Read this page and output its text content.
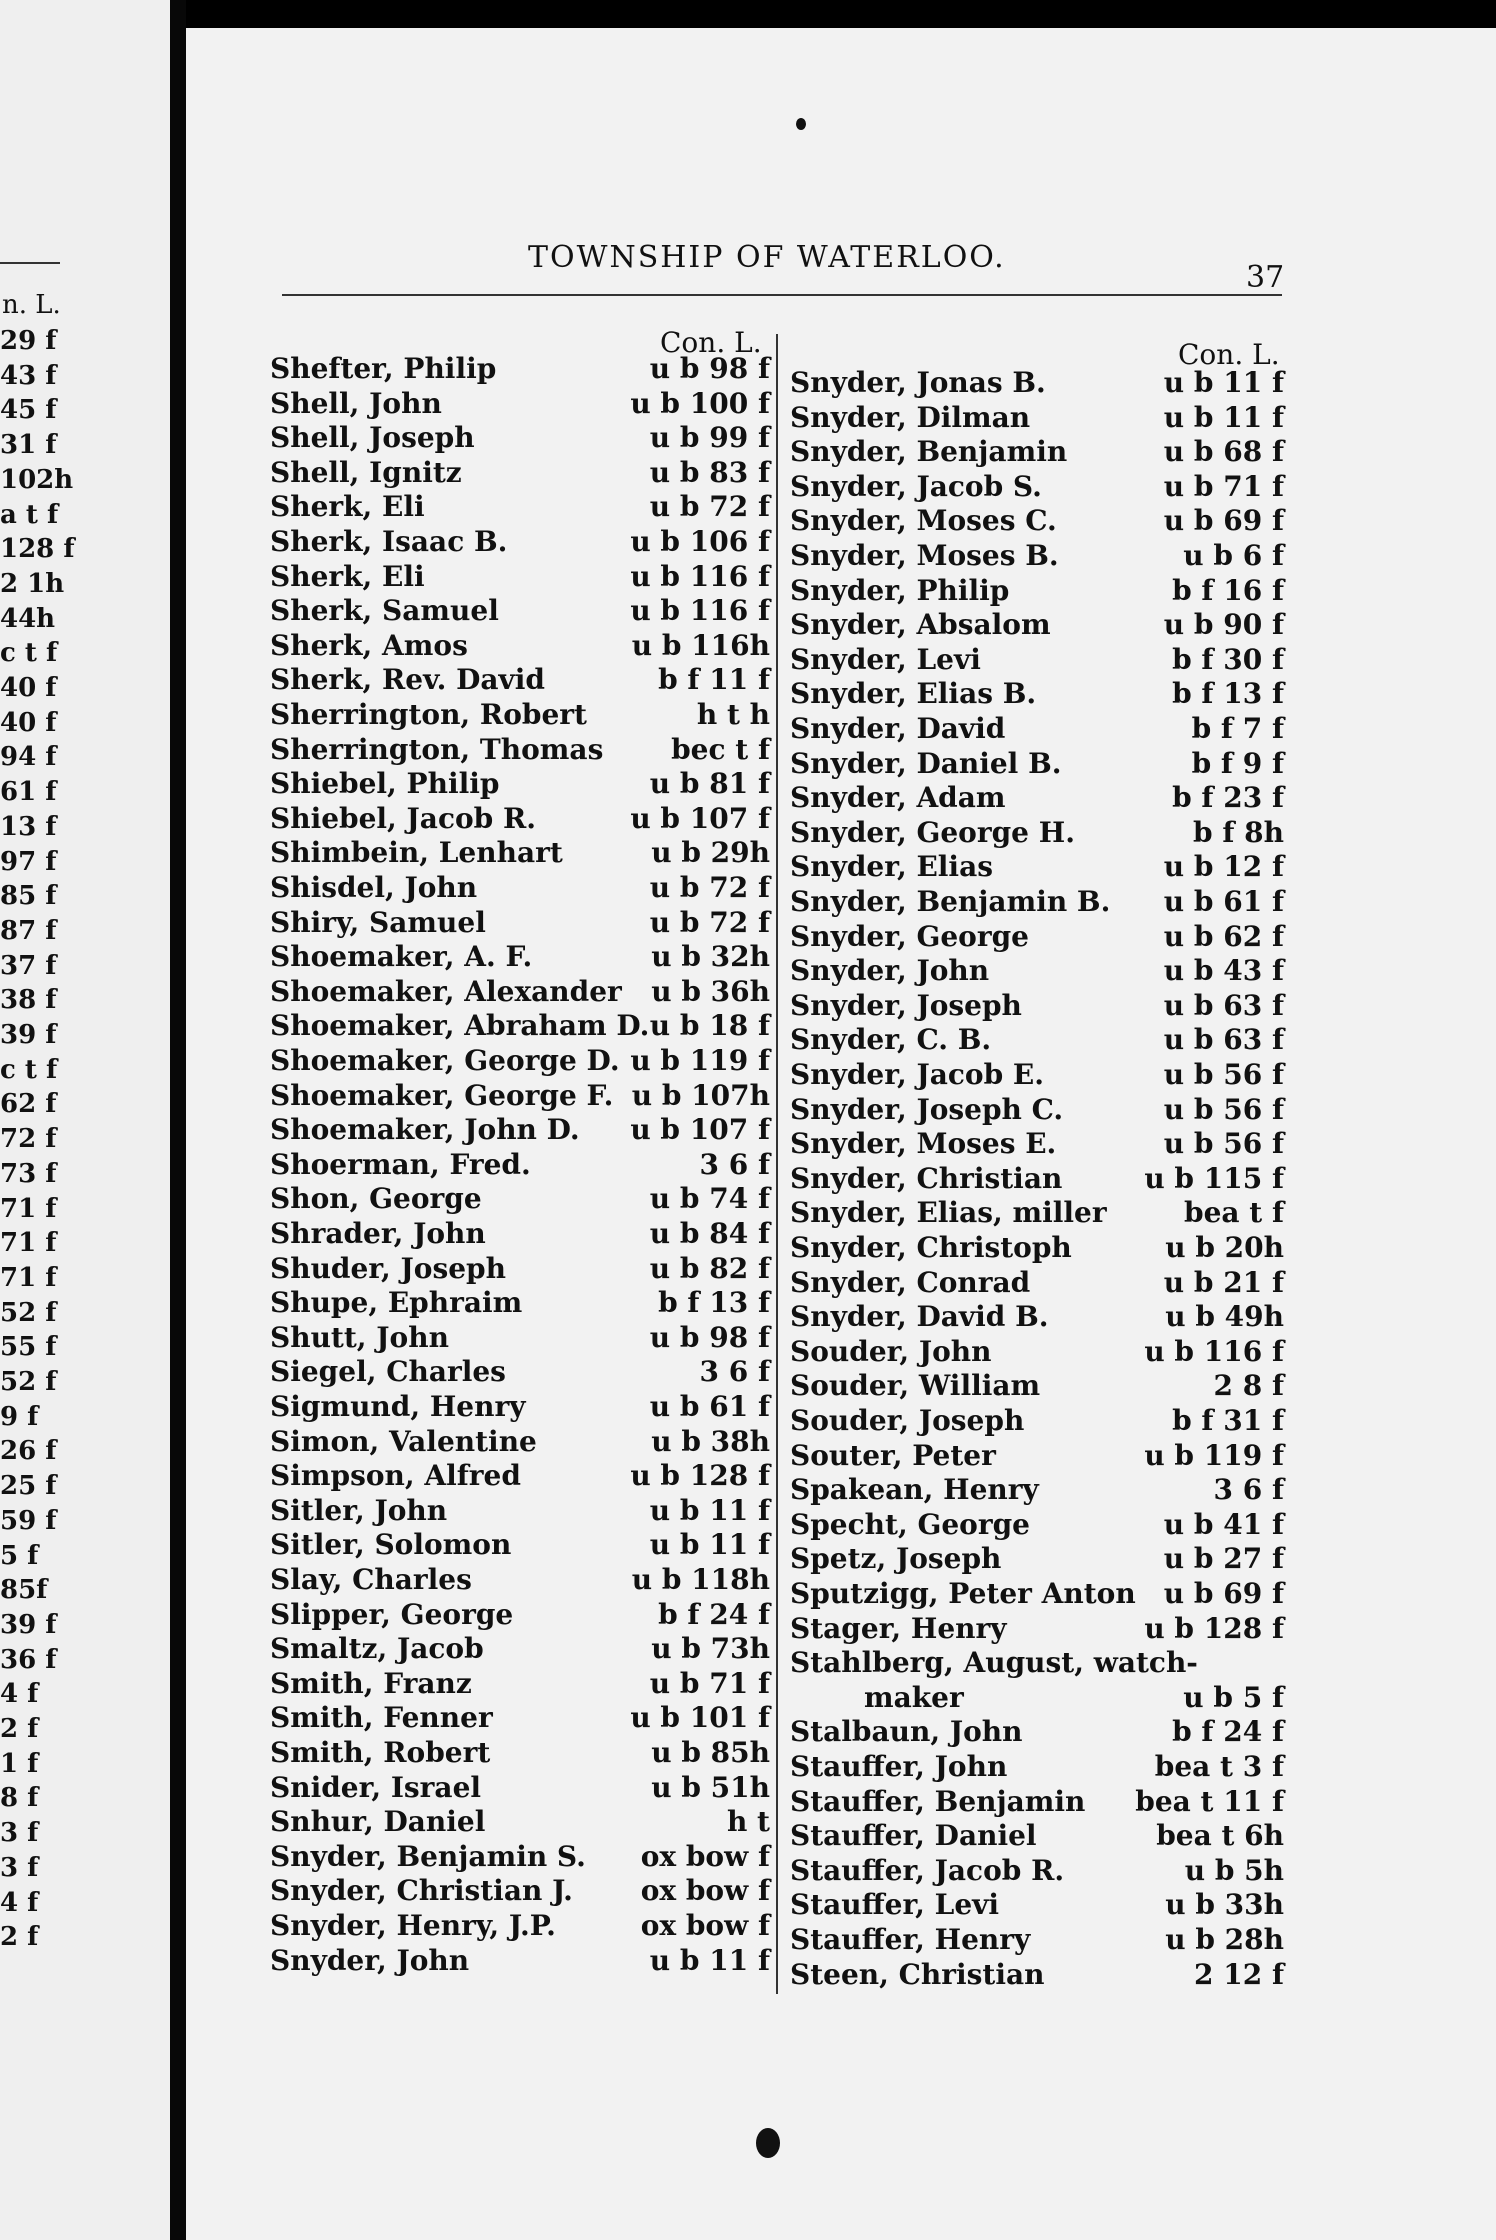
n. L.
29 f
43 f
45 f
31 f
102h
a t f
128 f
2 1h
44h
c t f
40 f
40 f
94 f
61 f
13 f
97 f
85 f
87 f
37 f
38 f
39 f
c t f
62 f
72 f
73 f
71 f
71 f
71 f
52 f
55 f
52 f
9 f
26 f
25 f
59 f
5 f
85f
39 f
36 f
4 f
2 f
1 f
8 f
3 f
3 f
4 f
2 f
TOWNSHIP OF WATERLOO.
37
Con. L.	Con. L.
Shefter, Philip	u b 98 f
Shell, John	u b 100 f
Shell, Joseph	u b 99 f
Shell, Ignitz	u b 83 f
Sherk, Eli	u b 72 f
Sherk, Isaac B.	u b 106 f
Sherk, Eli	u b 116 f
Sherk, Samuel	u b 116 f
Sherk, Amos	u b 116h
Sherk, Rev. David	b f 11 f
Sherrington, Robert	h t h
Sherrington, Thomas bec t f
Shiebel, Philip	u b 81 f
Shiebel, Jacob R.	u b 107 f
Shimbein, Lenhart	u b 29h
Shisdel, John	u b 72 f
Shiry, Samuel	u b 72 f
Shoemaker, A. F.	u b 32h
Shoemaker, Alexander u b 36h
Shoemaker, Abraham D. u b 18 f
Shoemaker, George D. u b 119 f
Shoemaker, George F. u b 107h
Shoemaker, John D. u b 107 f
Shoerman, Fred.	3 6 f
Shon, George	u b 74 f
Shrader, John	u b 84 f
Shuder, Joseph	u b 82 f
Shupe, Ephraim	b f 13 f
Shutt, John	u b 98 f
Siegel, Charles	3 6 f
Sigmund, Henry	u b 61 f
Simon, Valentine	u b 38h
Simpson, Alfred	u b 128 f
Sitler, John	u b 11 f
Sitler, Solomon	u b 11 f
Slay, Charles	u b 118h
Slipper, George	b f 24 f
Smaltz, Jacob	u b 73h
Smith, Franz	u b 71 f
Smith, Fenner	u b 101 f
Smith, Robert	u b 85h
Snider, Israel	u b 51h
Snhur, Daniel	h t
Snyder, Benjamin S. ox bow f
Snyder, Christian J. ox bow f
Snyder, Henry, J.P.	ox bow f
Snyder, John	u b 11 f
Snyder, Jonas B.	u b 11 f
Snyder, Dilman	u b 11 f
Snyder, Benjamin	u b 68 f
Snyder, Jacob S.	u b 71 f
Snyder, Moses C.	u b 69 f
Snyder, Moses B.	u b 6 f
Snyder, Philip	b f 16 f
Snyder, Absalom	u b 90 f
Snyder, Levi	b f 30 f
Snyder, Elias B.	b f 13 f
Snyder, David	b f 7 f
Snyder, Daniel B.	b f 9 f
Snyder, Adam	b f 23 f
Snyder, George H.	b f 8h
Snyder, Elias	u b 12 f
Snyder, Benjamin B. u b 61 f
Snyder, George	u b 62 f
Snyder, John	u b 43 f
Snyder, Joseph	u b 63 f
Snyder, C. B.	u b 63 f
Snyder, Jacob E.	u b 56 f
Snyder, Joseph C.	u b 56 f
Snyder, Moses E.	u b 56 f
Snyder, Christian	u b 115 f
Snyder, Elias, miller	bea t f
Snyder, Christoph	u b 20h
Snyder, Conrad	u b 21 f
Snyder, David B.	u b 49h
Souder, John	u b 116 f
Souder, William	2 8 f
Souder, Joseph	b f 31 f
Souter, Peter	u b 119 f
Spakean, Henry	3 6 f
Specht, George	u b 41 f
Spetz, Joseph	u b 27 f
Sputzigg, Peter Anton u b 69 f
Stager, Henry	u b 128 f
Stahlberg, August, watch-
maker	u b 5 f
Stalbaun, John	b f 24 f
Stauffer, John	bea t 3 f
Stauffer, Benjamin bea t 11 f
Stauffer, Daniel	bea t 6h
Stauffer, Jacob R.	u b 5h
Stauffer, Levi	u b 33h
Stauffer, Henry	u b 28h
Steen, Christian	2 12 f
